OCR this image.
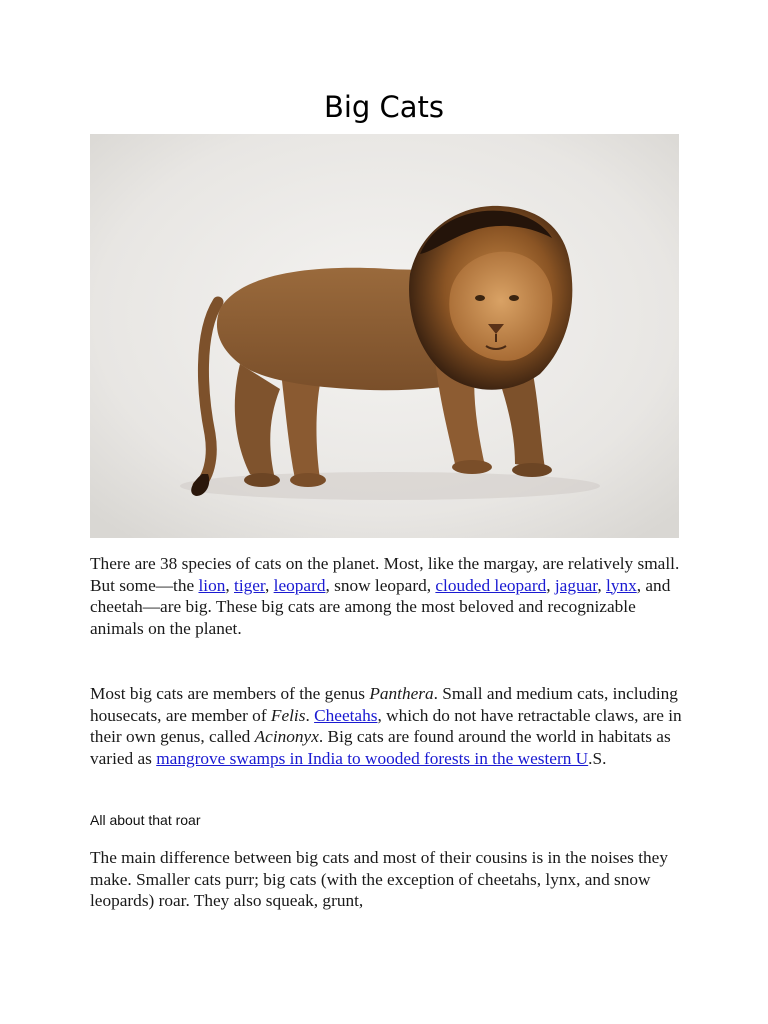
Big Cats

There are 38 species of cats on the planet. Most, like the margay, are relatively small. But some—the lion, tiger, leopard, snow leopard, clouded leopard, jaguar, lynx, and cheetah—are big. These big cats are among the most beloved and recognizable animals on the planet.

Most big cats are members of the genus Panthera. Small and medium cats, including housecats, are member of Felis. Cheetahs, which do not have retractable claws, are in their own genus, called Acinonyx. Big cats are found around the world in habitats as varied as mangrove swamps in India to wooded forests in the western U.S.

All about that roar

The main difference between big cats and most of their cousins is in the noises they make. Smaller cats purr; big cats (with the exception of cheetahs, lynx, and snow leopards) roar. They also squeak, grunt,
